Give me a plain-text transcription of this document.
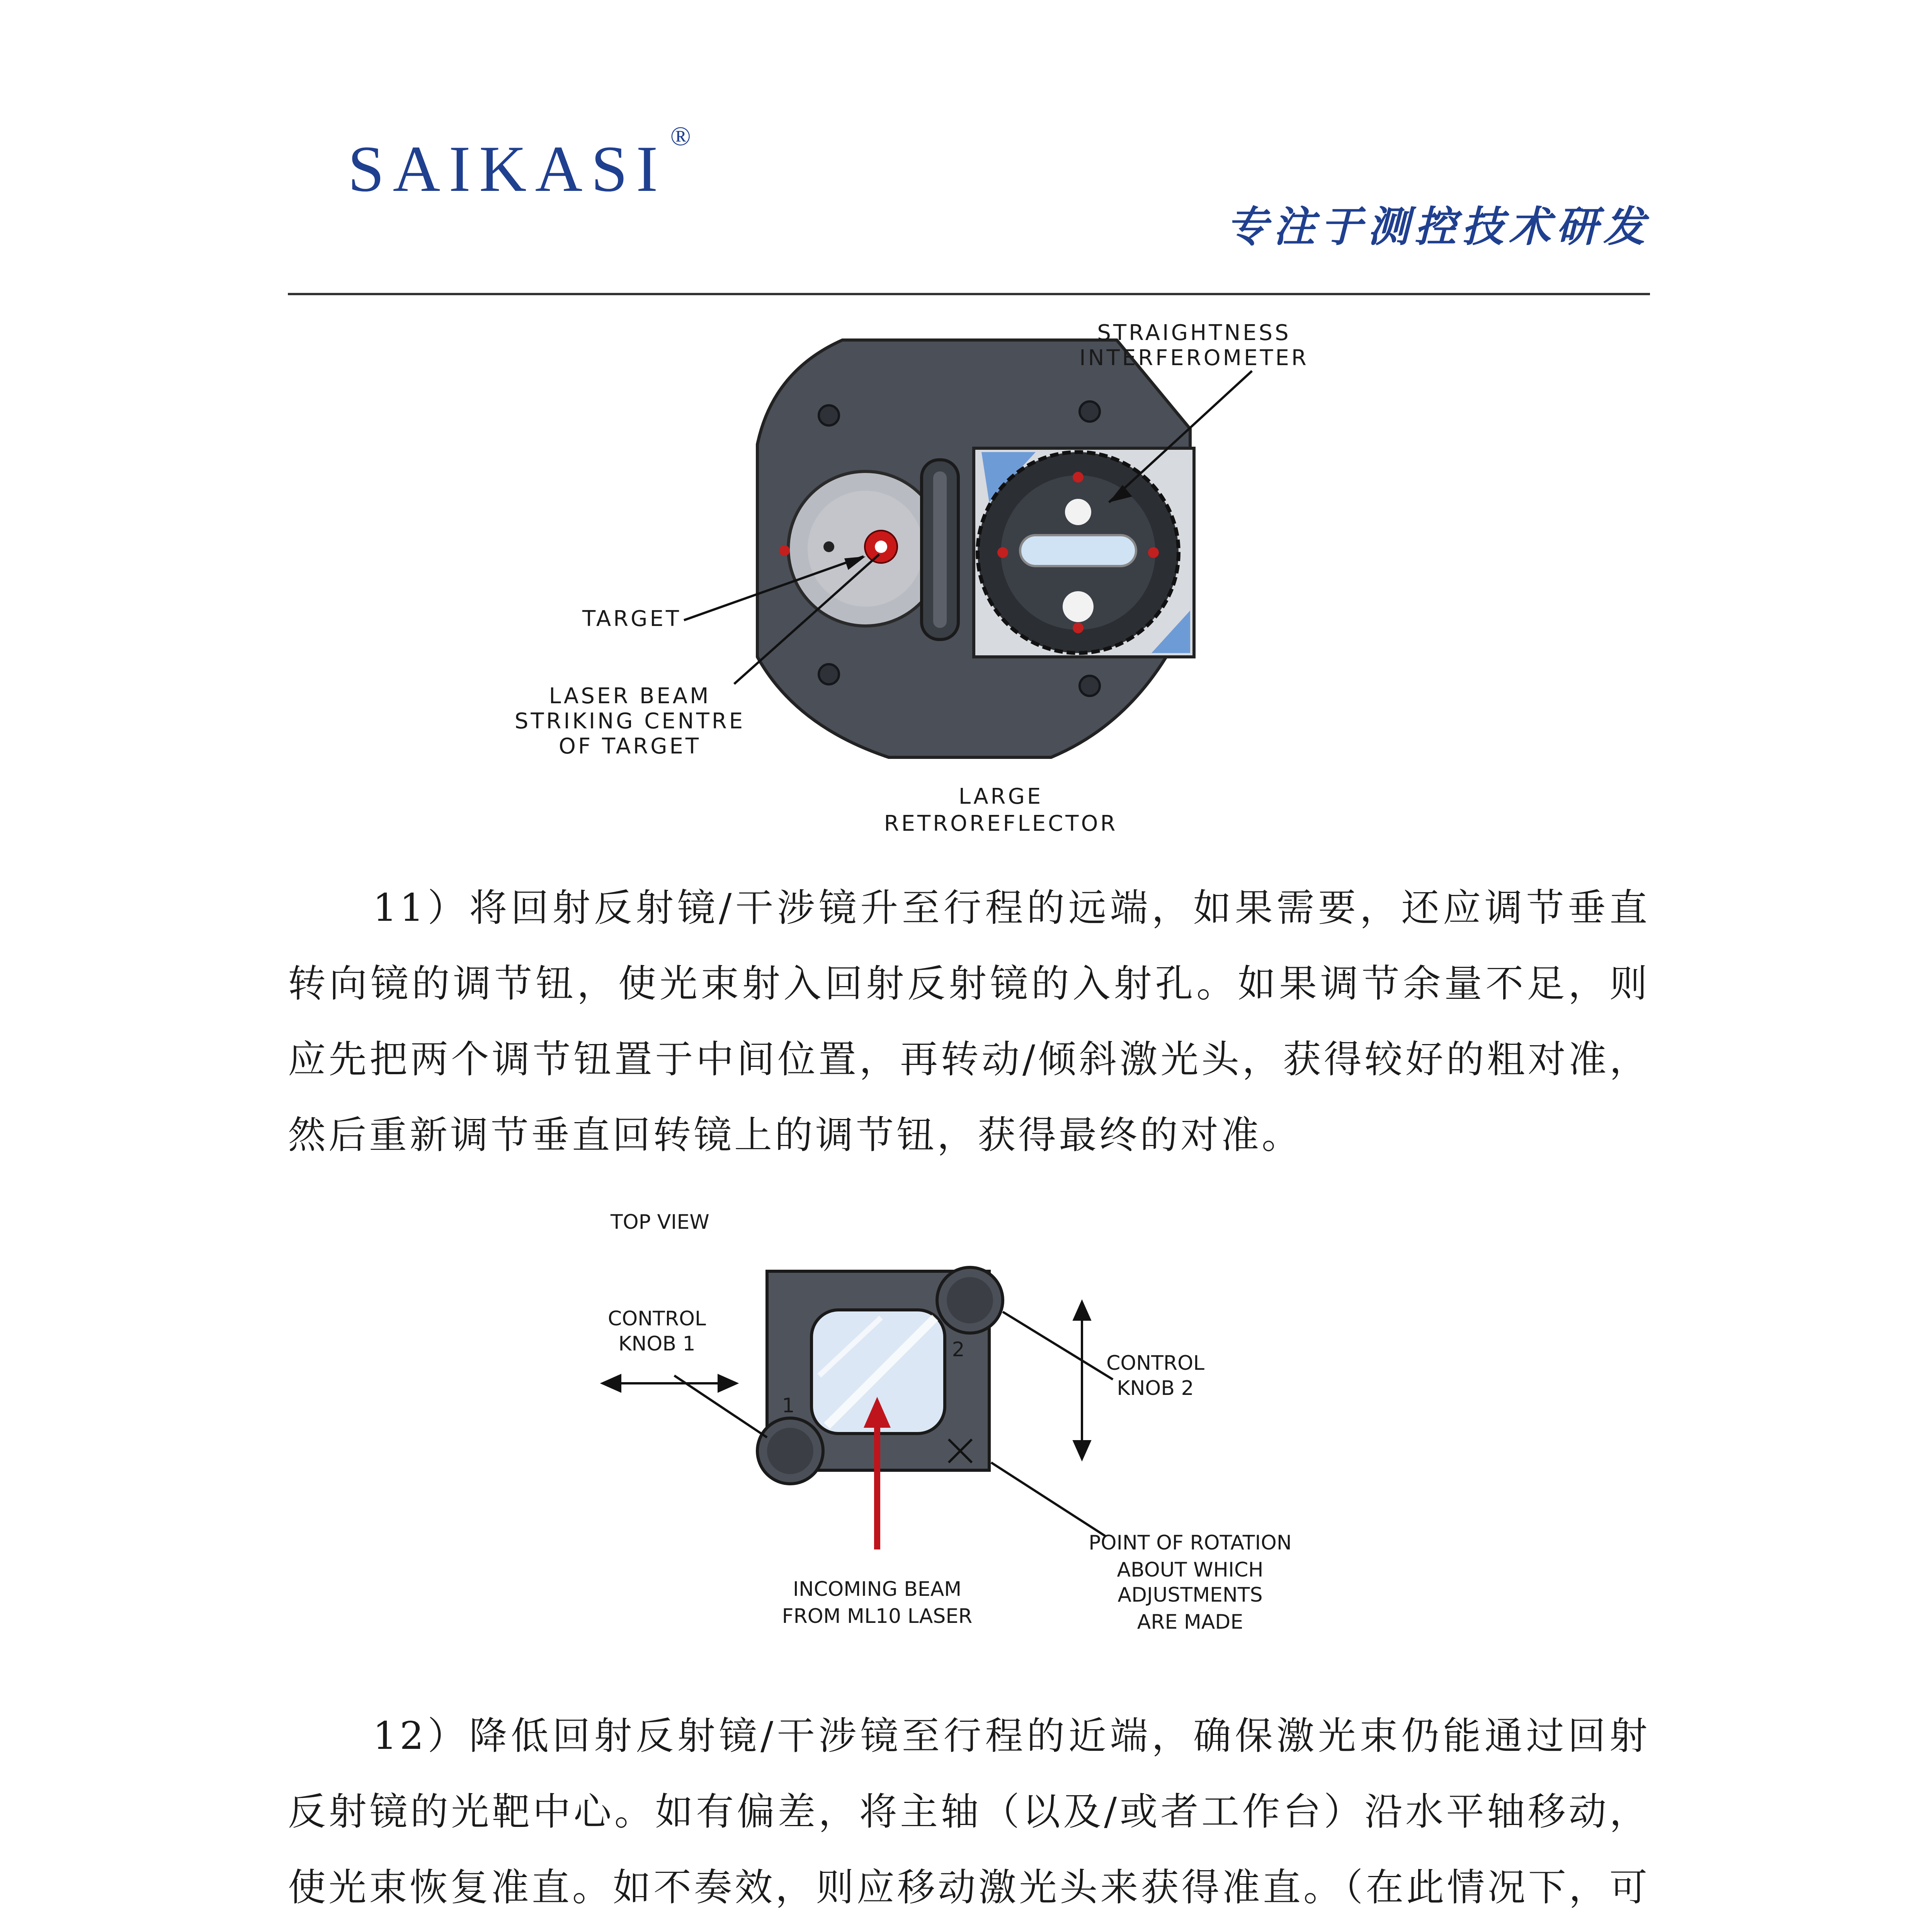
SAIKASI ®
专注于测控技术研发
STRAIGHTNESS
INTERFEROMETER
TARGET
LASER BEAM
STRIKING CENTRE
OF TARGET
LARGE
RETROREFLECTOR
11）将回射反射镜/干涉镜升至行程的远端，如果需要，还应调节垂直转向镜的调节钮，使光束射入回射反射镜的入射孔。如果调节余量不足，则应先把两个调节钮置于中间位置，再转动/倾斜激光头，获得较好的粗对准，然后重新调节垂直回转镜上的调节钮，获得最终的对准。
TOP VIEW
CONTROL
KNOB 1
CONTROL
KNOB 2
1
2
INCOMING BEAM
FROM ML10 LASER
POINT OF ROTATION
ABOUT WHICH
ADJUSTMENTS
ARE MADE
12）降低回射反射镜/干涉镜至行程的近端，确保激光束仍能通过回射反射镜的光靶中心。如有偏差，将主轴（以及/或者工作台）沿水平轴移动，使光束恢复准直。如不奏效，则应移动激光头来获得准直。（在此情况下，可
